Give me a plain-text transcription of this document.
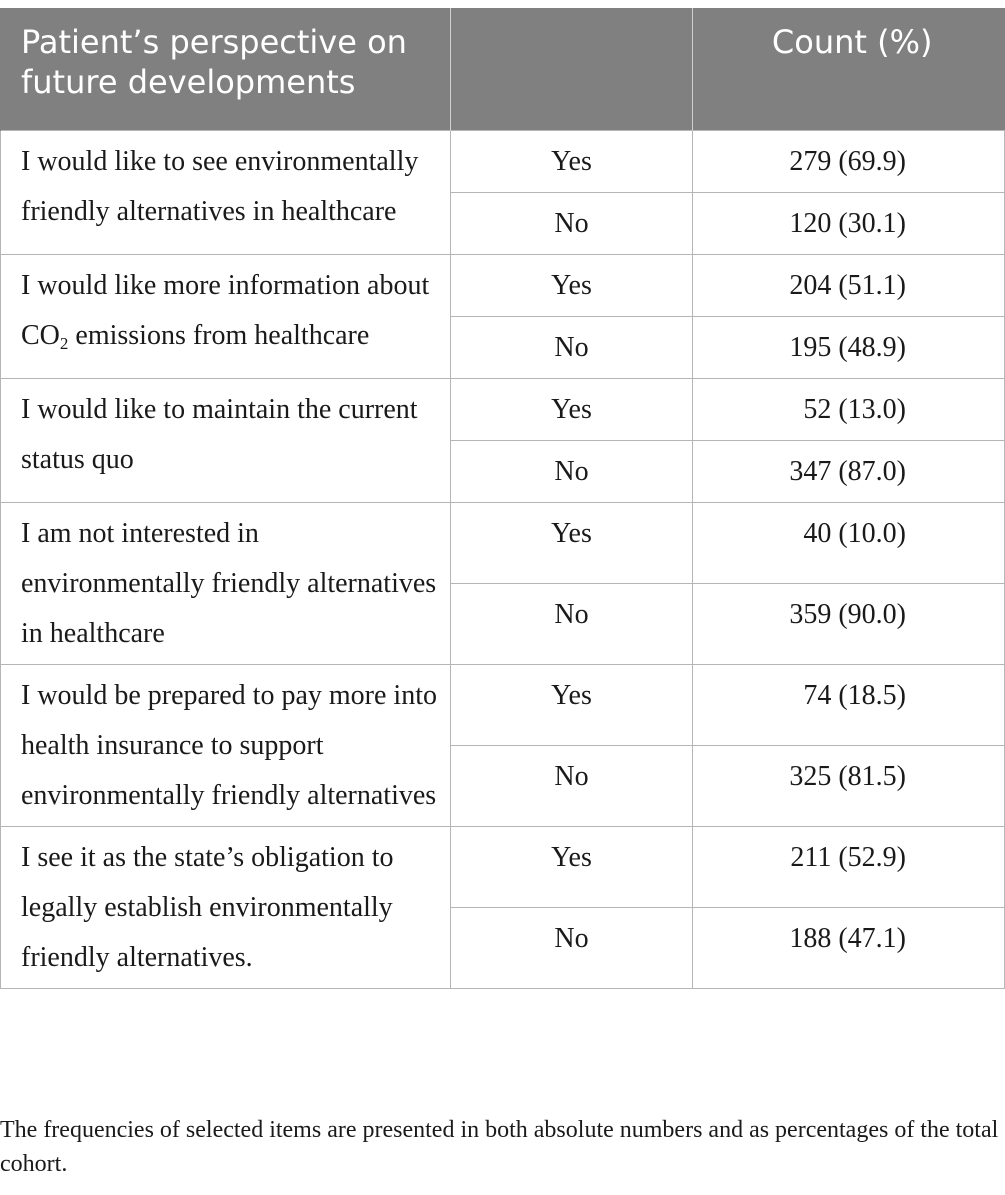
Patient’s perspective on future developments		Count (%)
I would like to see environmentally friendly alternatives in healthcare	Yes	279 (69.9)
	No	120 (30.1)
I would like more information about $CO_2$ emissions from healthcare	Yes	204 (51.1)
	No	195 (48.9)
I would like to maintain the current status quo	Yes	52 (13.0)
	No	347 (87.0)
I am not interested in environmentally friendly alternatives in healthcare	Yes	40 (10.0)
	No	359 (90.0)
I would be prepared to pay more into health insurance to support environmentally friendly alternatives	Yes	74 (18.5)
	No	325 (81.5)
I see it as the state’s obligation to legally establish environmentally friendly alternatives.	Yes	211 (52.9)
	No	188 (47.1)

The frequencies of selected items are presented in both absolute numbers and as percentages of the total cohort.
